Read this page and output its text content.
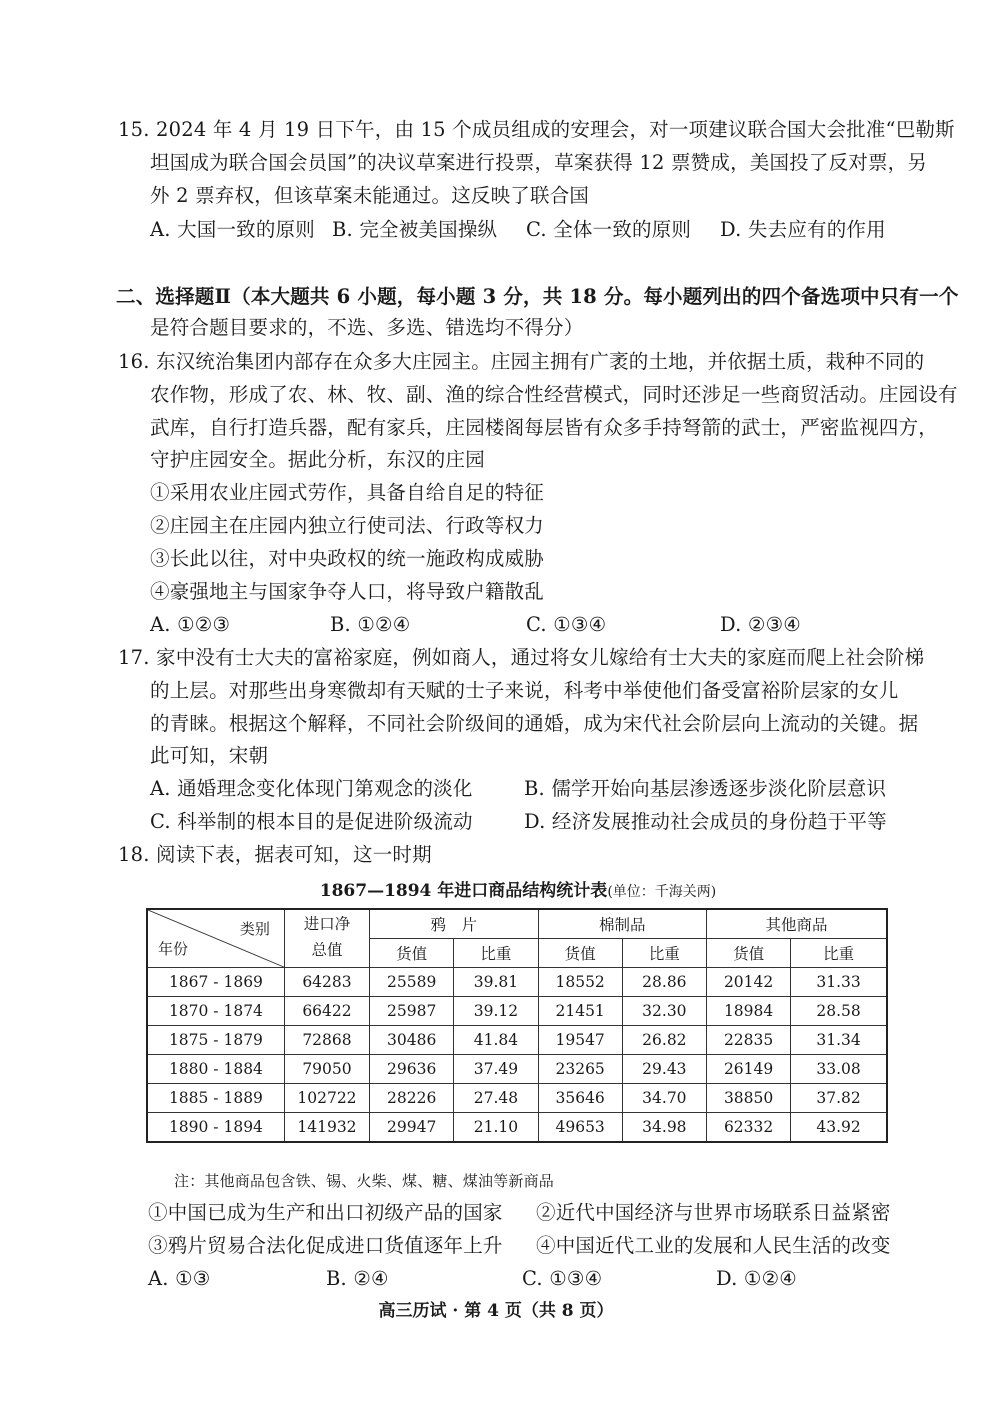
15. 2024 年 4 月 19 日下午，由 15 个成员组成的安理会，对一项建议联合国大会批准“巴勒斯
坦国成为联合国会员国”的决议草案进行投票，草案获得 12 票赞成，美国投了反对票，另
外 2 票弃权，但该草案未能通过。这反映了联合国
A. 大国一致的原则 B. 完全被美国操纵 C. 全体一致的原则 D. 失去应有的作用
二、选择题Ⅱ（本大题共 6 小题，每小题 3 分，共 18 分。每小题列出的四个备选项中只有一个
是符合题目要求的，不选、多选、错选均不得分）
16. 东汉统治集团内部存在众多大庄园主。庄园主拥有广袤的土地，并依据土质，栽种不同的
农作物，形成了农、林、牧、副、渔的综合性经营模式，同时还涉足一些商贸活动。庄园设有
武库，自行打造兵器，配有家兵，庄园楼阁每层皆有众多手持弩箭的武士，严密监视四方，
守护庄园安全。据此分析，东汉的庄园
①采用农业庄园式劳作，具备自给自足的特征
②庄园主在庄园内独立行使司法、行政等权力
③长此以往，对中央政权的统一施政构成威胁
④豪强地主与国家争夺人口，将导致户籍散乱
A. ①②③	B. ①②④	C. ①③④	D. ②③④
17. 家中没有士大夫的富裕家庭，例如商人，通过将女儿嫁给有士大夫的家庭而爬上社会阶梯
的上层。对那些出身寒微却有天赋的士子来说，科考中举使他们备受富裕阶层家的女儿
的青睐。根据这个解释，不同社会阶级间的通婚，成为宋代社会阶层向上流动的关键。据
此可知，宋朝
A. 通婚理念变化体现门第观念的淡化	B. 儒学开始向基层渗透逐步淡化阶层意识
C. 科举制的根本目的是促进阶级流动	D. 经济发展推动社会成员的身份趋于平等
18. 阅读下表，据表可知，这一时期
1867—1894 年进口商品结构统计表(单位：千海关两)
类别
年份	进口净总值	鸦　片		棉制品		其他商品	
		货值	比重	货值	比重	货值	比重
1867 - 1869	64283	25589	39.81	18552	28.86	20142	31.33
1870 - 1874	66422	25987	39.12	21451	32.30	18984	28.58
1875 - 1879	72868	30486	41.84	19547	26.82	22835	31.34
1880 - 1884	79050	29636	37.49	23265	29.43	26149	33.08
1885 - 1889	102722	28226	27.48	35646	34.70	38850	37.82
1890 - 1894	141932	29947	21.10	49653	34.98	62332	43.92
注：其他商品包含铁、锡、火柴、煤、糖、煤油等新商品
①中国已成为生产和出口初级产品的国家 ②近代中国经济与世界市场联系日益紧密
③鸦片贸易合法化促成进口货值逐年上升 ④中国近代工业的发展和人民生活的改变
A. ①③	B. ②④	C. ①③④	D. ①②④
高三历试 · 第 4 页（共 8 页）
